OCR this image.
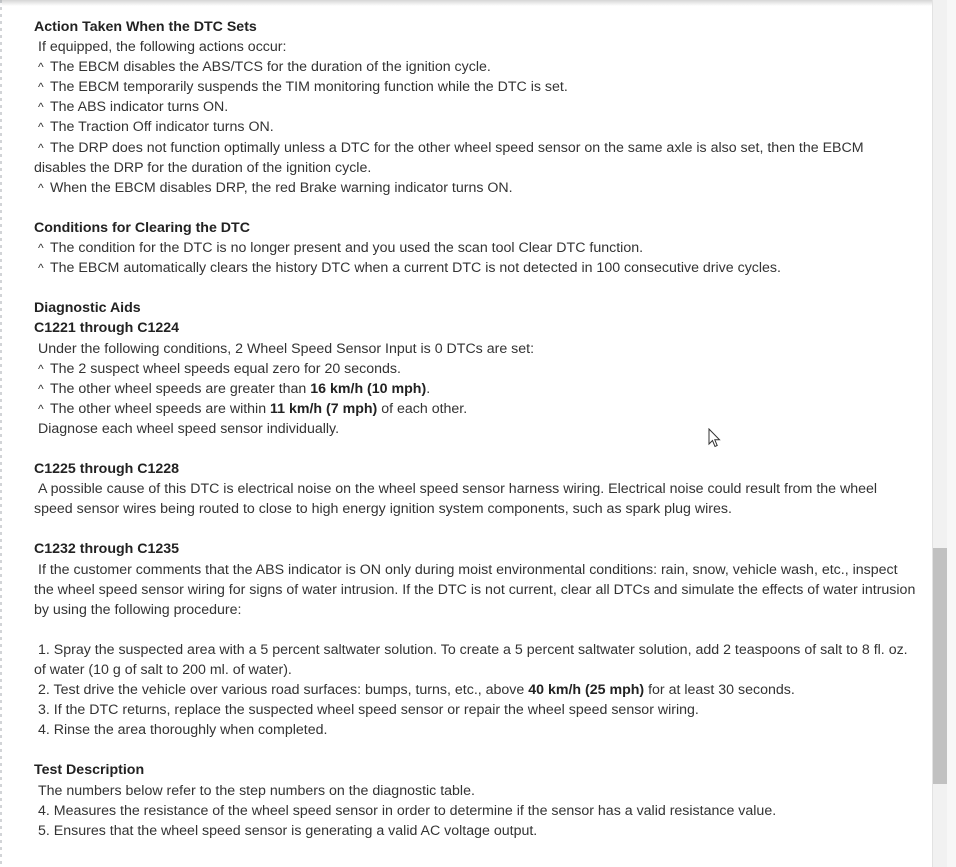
Action Taken When the DTC Sets

If equipped, the following actions occur:

^ The EBCM disables the ABS/TCS for the duration of the ignition cycle.

^ The EBCM temporarily suspends the TIM monitoring function while the DTC is set.

^ The ABS indicator turns ON.

^ The Traction Off indicator turns ON.

^ The DRP does not function optimally unless a DTC for the other wheel speed sensor on the same axle is also set, then the EBCM disables the DRP for the duration of the ignition cycle.

^ When the EBCM disables DRP, the red Brake warning indicator turns ON.

Conditions for Clearing the DTC

^ The condition for the DTC is no longer present and you used the scan tool Clear DTC function.

^ The EBCM automatically clears the history DTC when a current DTC is not detected in 100 consecutive drive cycles.

Diagnostic Aids

C1221 through C1224

Under the following conditions, 2 Wheel Speed Sensor Input is 0 DTCs are set:

^ The 2 suspect wheel speeds equal zero for 20 seconds.

^ The other wheel speeds are greater than 16 km/h (10 mph).

^ The other wheel speeds are within 11 km/h (7 mph) of each other.

Diagnose each wheel speed sensor individually.

C1225 through C1228

A possible cause of this DTC is electrical noise on the wheel speed sensor harness wiring. Electrical noise could result from the wheel speed sensor wires being routed to close to high energy ignition system components, such as spark plug wires.

C1232 through C1235

If the customer comments that the ABS indicator is ON only during moist environmental conditions: rain, snow, vehicle wash, etc., inspect the wheel speed sensor wiring for signs of water intrusion. If the DTC is not current, clear all DTCs and simulate the effects of water intrusion by using the following procedure:

1. Spray the suspected area with a 5 percent saltwater solution. To create a 5 percent saltwater solution, add 2 teaspoons of salt to 8 fl. oz. of water (10 g of salt to 200 ml. of water).

2. Test drive the vehicle over various road surfaces: bumps, turns, etc., above 40 km/h (25 mph) for at least 30 seconds.

3. If the DTC returns, replace the suspected wheel speed sensor or repair the wheel speed sensor wiring.

4. Rinse the area thoroughly when completed.

Test Description

The numbers below refer to the step numbers on the diagnostic table.

4. Measures the resistance of the wheel speed sensor in order to determine if the sensor has a valid resistance value.

5. Ensures that the wheel speed sensor is generating a valid AC voltage output.
